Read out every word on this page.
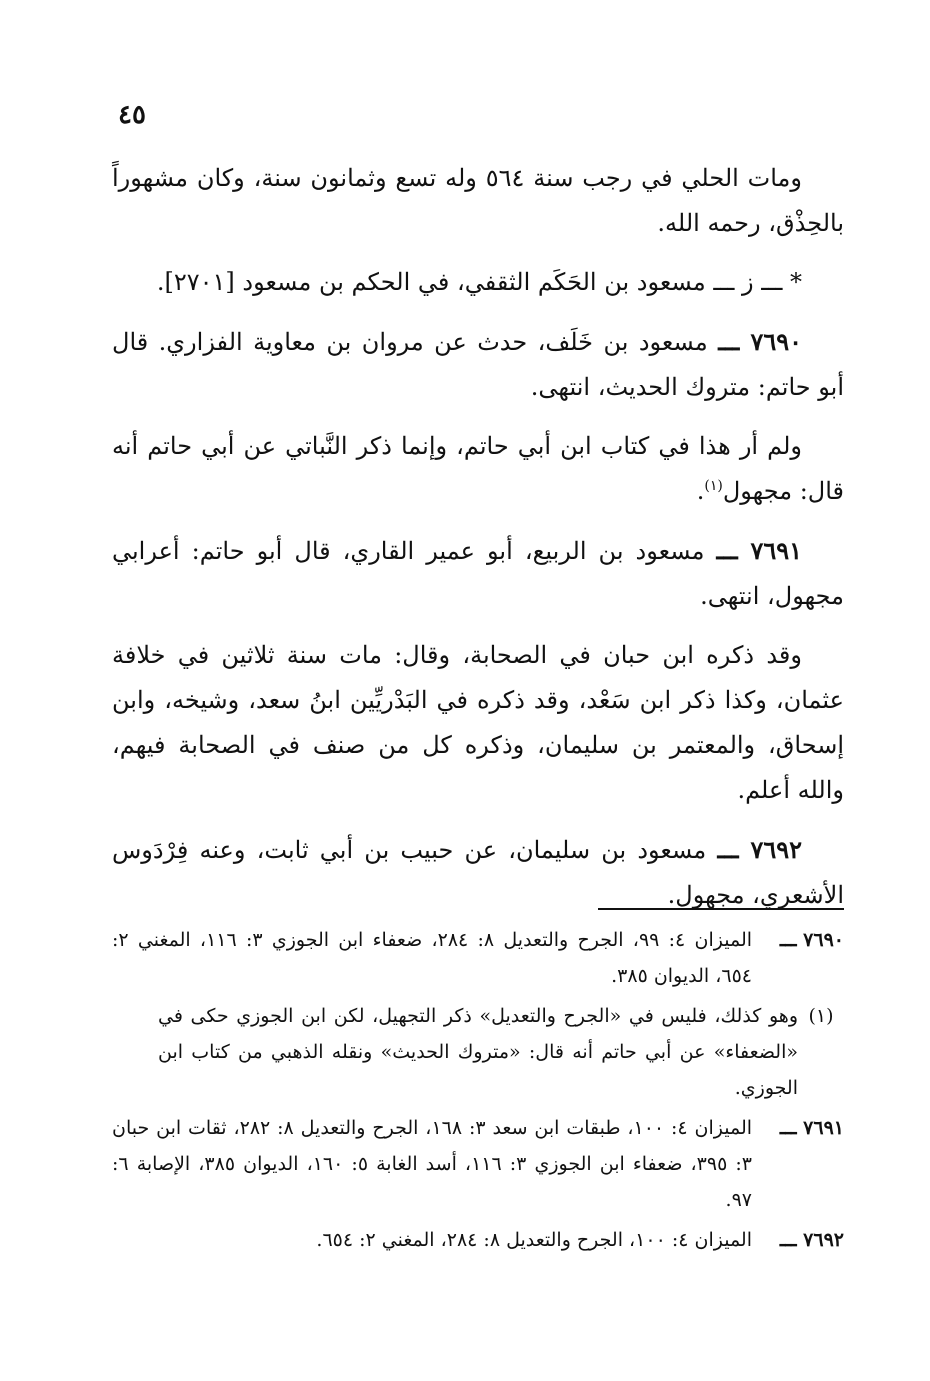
٤٥

ومات الحلي في رجب سنة ٥٦٤ وله تسع وثمانون سنة، وكان مشهوراً بالحِذْق، رحمه الله.

* ـــ ز ـــ مسعود بن الحَكَم الثقفي، في الحكم بن مسعود [٢٧٠١].

٧٦٩٠ ـــ مسعود بن خَلَف، حدث عن مروان بن معاوية الفزاري. قال أبو حاتم: متروك الحديث، انتهى.

ولم أر هذا في كتاب ابن أبي حاتم، وإنما ذكر النَّباتي عن أبي حاتم أنه قال: مجهول$^{(١)}$.

٧٦٩١ ـــ مسعود بن الربيع، أبو عمير القاري، قال أبو حاتم: أعرابي مجهول، انتهى.

وقد ذكره ابن حبان في الصحابة، وقال: مات سنة ثلاثين في خلافة عثمان، وكذا ذكر ابن سَعْد، وقد ذكره في البَدْريِّين ابنُ سعد، وشيخه، وابن إسحاق، والمعتمر بن سليمان، وذكره كل من صنف في الصحابة فيهم، والله أعلم.

٧٦٩٢ ـــ مسعود بن سليمان، عن حبيب بن أبي ثابت، وعنه فِرْدَوس الأشعري، مجهول.

٧٦٩٠ ـــ
الميزان ٤: ٩٩، الجرح والتعديل ٨: ٢٨٤، ضعفاء ابن الجوزي ٣: ١١٦، المغني ٢: ٦٥٤، الديوان ٣٨٥.
(١)
وهو كذلك، فليس في «الجرح والتعديل» ذكر التجهيل، لكن ابن الجوزي حكى في «الضعفاء» عن أبي حاتم أنه قال: «متروك الحديث» ونقله الذهبي من كتاب ابن الجوزي.
٧٦٩١ ـــ
الميزان ٤: ١٠٠، طبقات ابن سعد ٣: ١٦٨، الجرح والتعديل ٨: ٢٨٢، ثقات ابن حبان ٣: ٣٩٥، ضعفاء ابن الجوزي ٣: ١١٦، أسد الغابة ٥: ١٦٠، الديوان ٣٨٥، الإصابة ٦: ٩٧.
٧٦٩٢ ـــ
الميزان ٤: ١٠٠، الجرح والتعديل ٨: ٢٨٤، المغني ٢: ٦٥٤.
